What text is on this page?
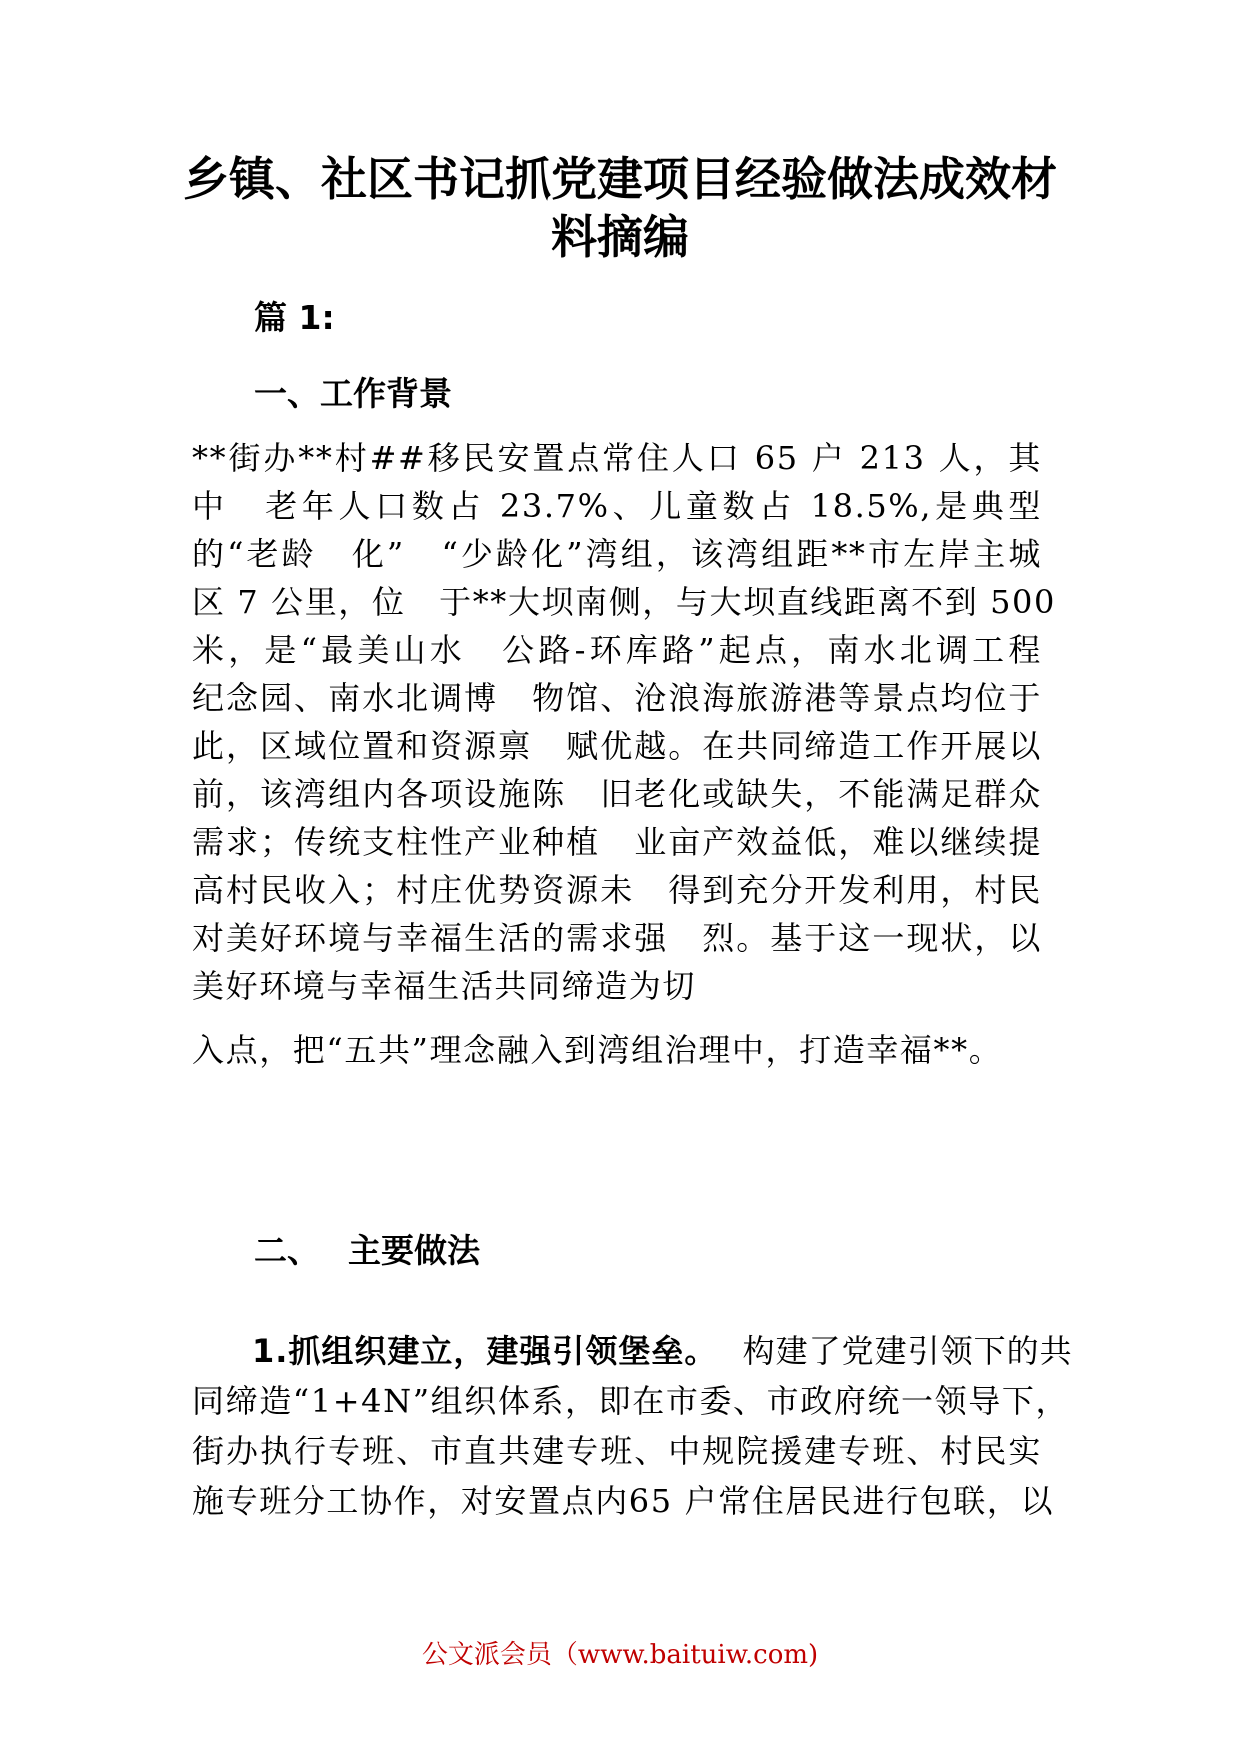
乡镇、社区书记抓党建项目经验做法成效材
料摘编
篇 1:
一、工作背景
**街办**村##移民安置点常住人口 65 户 213 人，其
中　老年人口数占 23.7%、儿童数占 18.5%,是典型
的“老龄　化”　“少龄化”湾组，该湾组距**市左岸主城
区 7 公里，位　于**大坝南侧，与大坝直线距离不到 500
米，是“最美山水　公路-环库路”起点，南水北调工程
纪念园、南水北调博　物馆、沧浪海旅游港等景点均位于
此，区域位置和资源禀　赋优越。在共同缔造工作开展以
前，该湾组内各项设施陈　旧老化或缺失，不能满足群众
需求；传统支柱性产业种植　业亩产效益低，难以继续提
高村民收入；村庄优势资源未　得到充分开发利用，村民
对美好环境与幸福生活的需求强　烈。基于这一现状，以
美好环境与幸福生活共同缔造为切
入点，把“五共”理念融入到湾组治理中，打造幸福**。
二、 主要做法
1.抓组织建立，建强引领堡垒。 构建了党建引领下的共
同缔造“1+4N”组织体系，即在市委、市政府统一领导下，
街办执行专班、市直共建专班、中规院援建专班、村民实
施专班分工协作，对安置点内65 户常住居民进行包联，以
公文派会员（www.baituiw.com)
